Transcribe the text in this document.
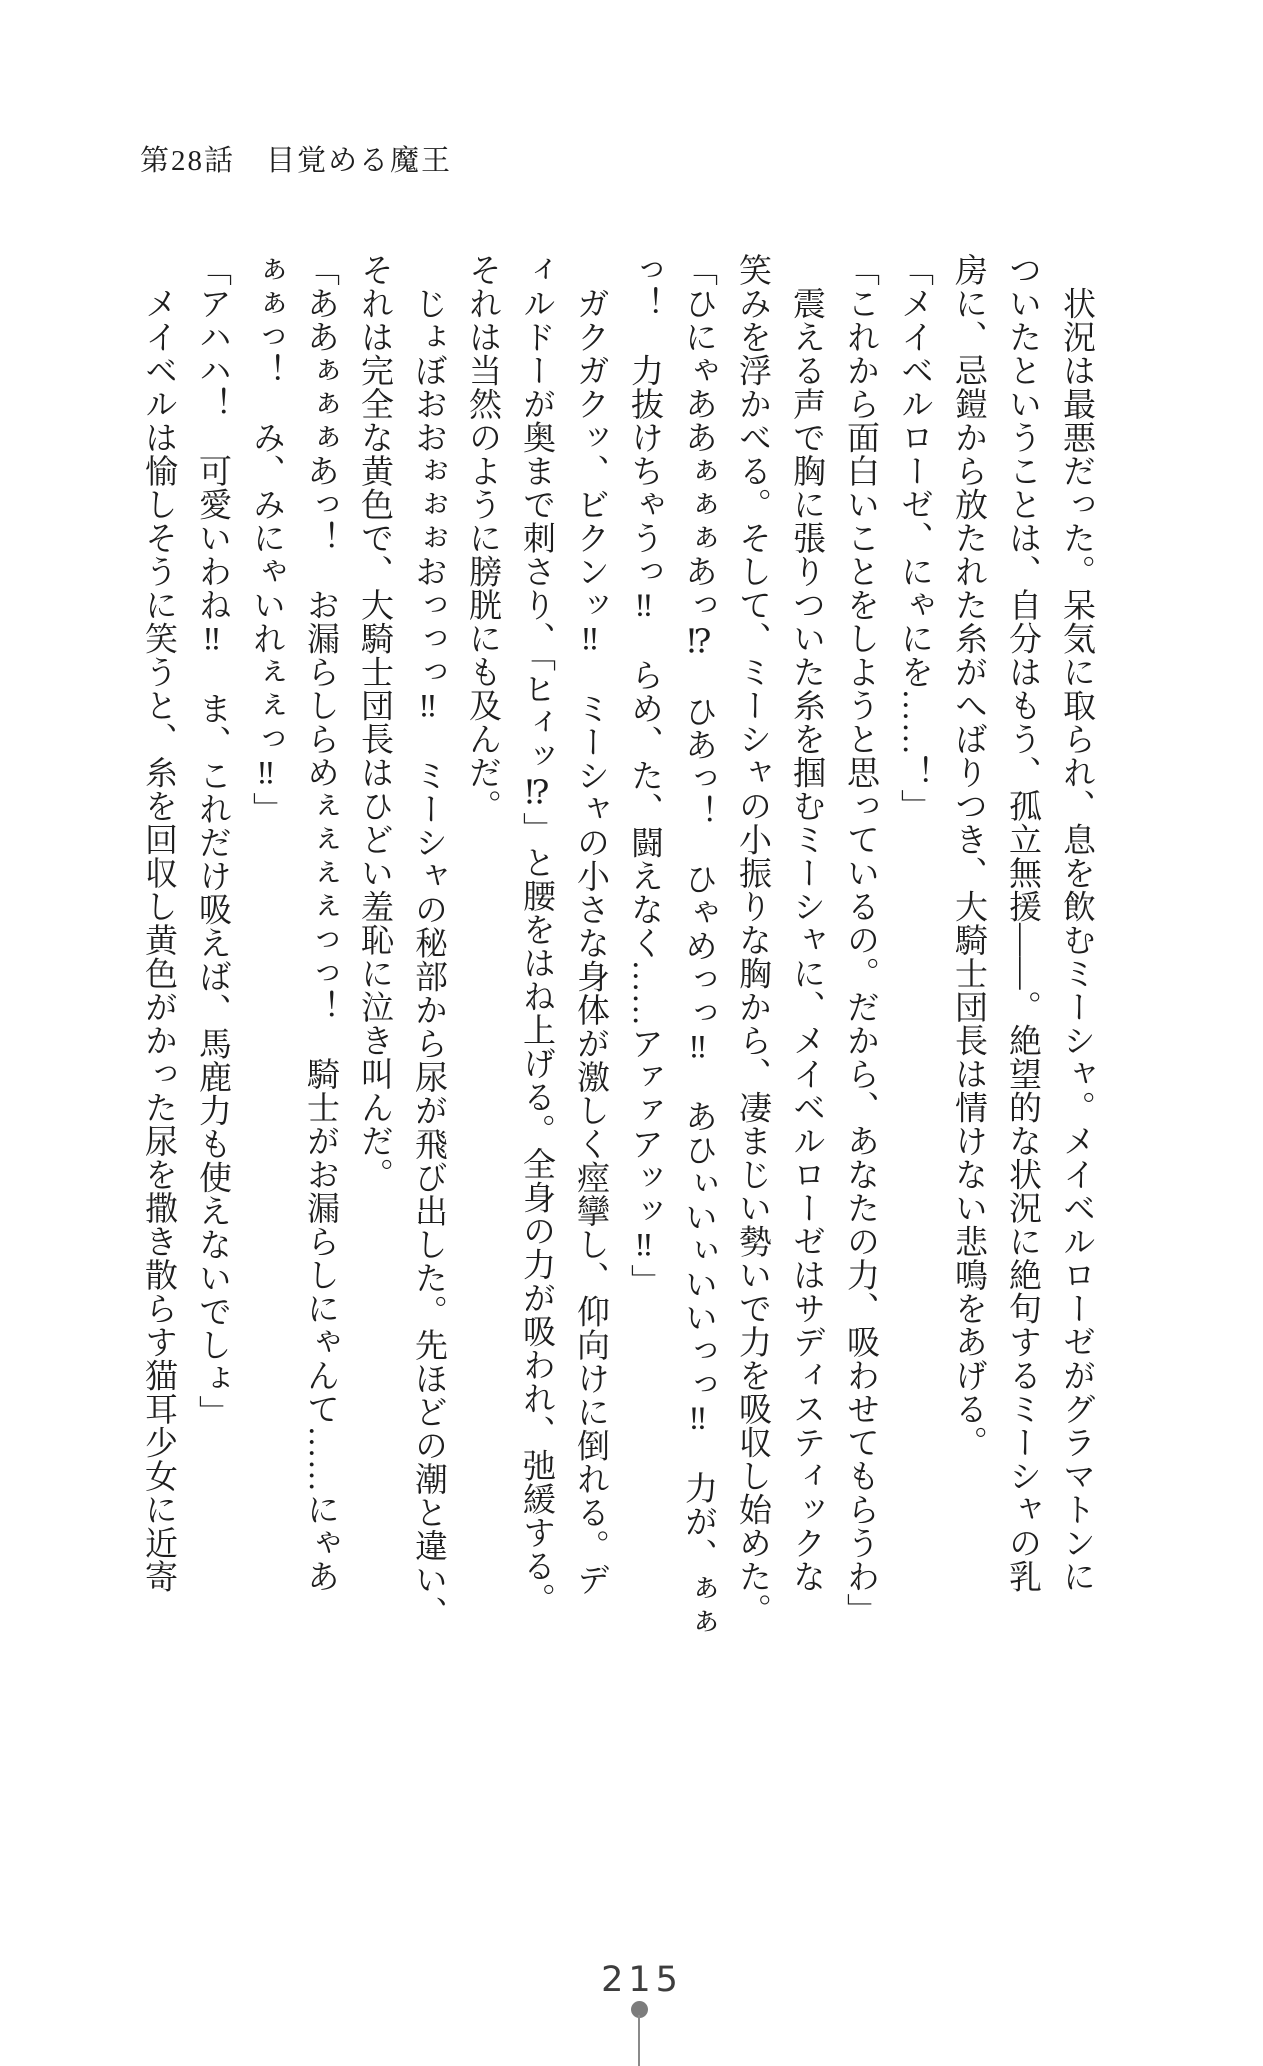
第28話　目覚める魔王

　状況は最悪だった。呆気に取られ、息を飲むミーシャ。メイベルローゼがグラマトンに

ついたということは、自分はもう、孤立無援――。絶望的な状況に絶句するミーシャの乳

房に、忌鎧から放たれた糸がへばりつき、大騎士団長は情けない悲鳴をあげる。

「メイベルローゼ、にゃにを……！」

「これから面白いことをしようと思っているの。だから、あなたの力、吸わせてもらうわ」

　震える声で胸に張りついた糸を掴むミーシャに、メイベルローゼはサディスティックな

笑みを浮かべる。そして、ミーシャの小振りな胸から、凄まじい勢いで力を吸収し始めた。

「ひにゃああぁぁぁあっ⁉　ひあっ！　ひゃめっっ‼　あひぃいぃいいっっ‼　力が、ぁぁ

っ！　力抜けちゃうっ‼　らめ、た、闘えなく……アァァアッッ‼」

　ガクガクッ、ビクンッ‼　ミーシャの小さな身体が激しく痙攣し、仰向けに倒れる。デ

ィルドーが奥まで刺さり、「ヒィッ⁉」と腰をはね上げる。全身の力が吸われ、弛緩する。

それは当然のように膀胱にも及んだ。

　じょぼおおぉぉぉおっっっ‼　ミーシャの秘部から尿が飛び出した。先ほどの潮と違い、

それは完全な黄色で、大騎士団長はひどい羞恥に泣き叫んだ。

「ああぁぁぁあっ！　お漏らしらめぇぇぇぇっっ！　騎士がお漏らしにゃんて……にゃあ

ぁぁっ！　み、みにゃいれぇぇっ‼」

「アハハ！　可愛いわね‼　ま、これだけ吸えば、馬鹿力も使えないでしょ」

　メイベルは愉しそうに笑うと、糸を回収し黄色がかった尿を撒き散らす猫耳少女に近寄

215
